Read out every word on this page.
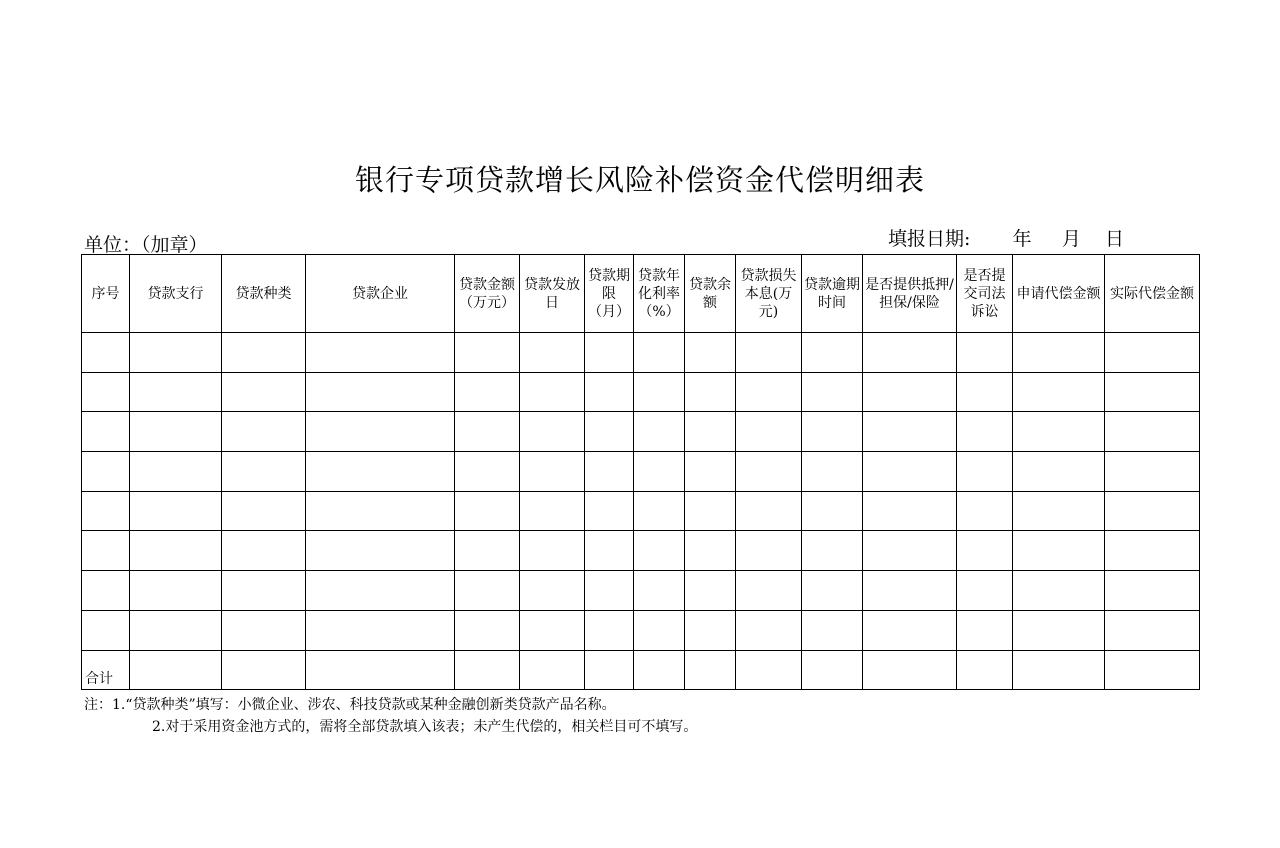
银行专项贷款增长风险补偿资金代偿明细表
单位：（加章）	填报日期:       年     月    日
序号	贷款支行	贷款种类	贷款企业	贷款金额（万元）	贷款发放日	贷款期限（月）	贷款年化利率（%）	贷款余额	贷款损失本息(万元)	贷款逾期时间	是否提供抵押/担保/保险	是否提交司法诉讼	申请代偿金额	实际代偿金额

合计														
注：1.“贷款种类”填写：小微企业、涉农、科技贷款或某种金融创新类贷款产品名称。
2.对于采用资金池方式的，需将全部贷款填入该表；未产生代偿的，相关栏目可不填写。
